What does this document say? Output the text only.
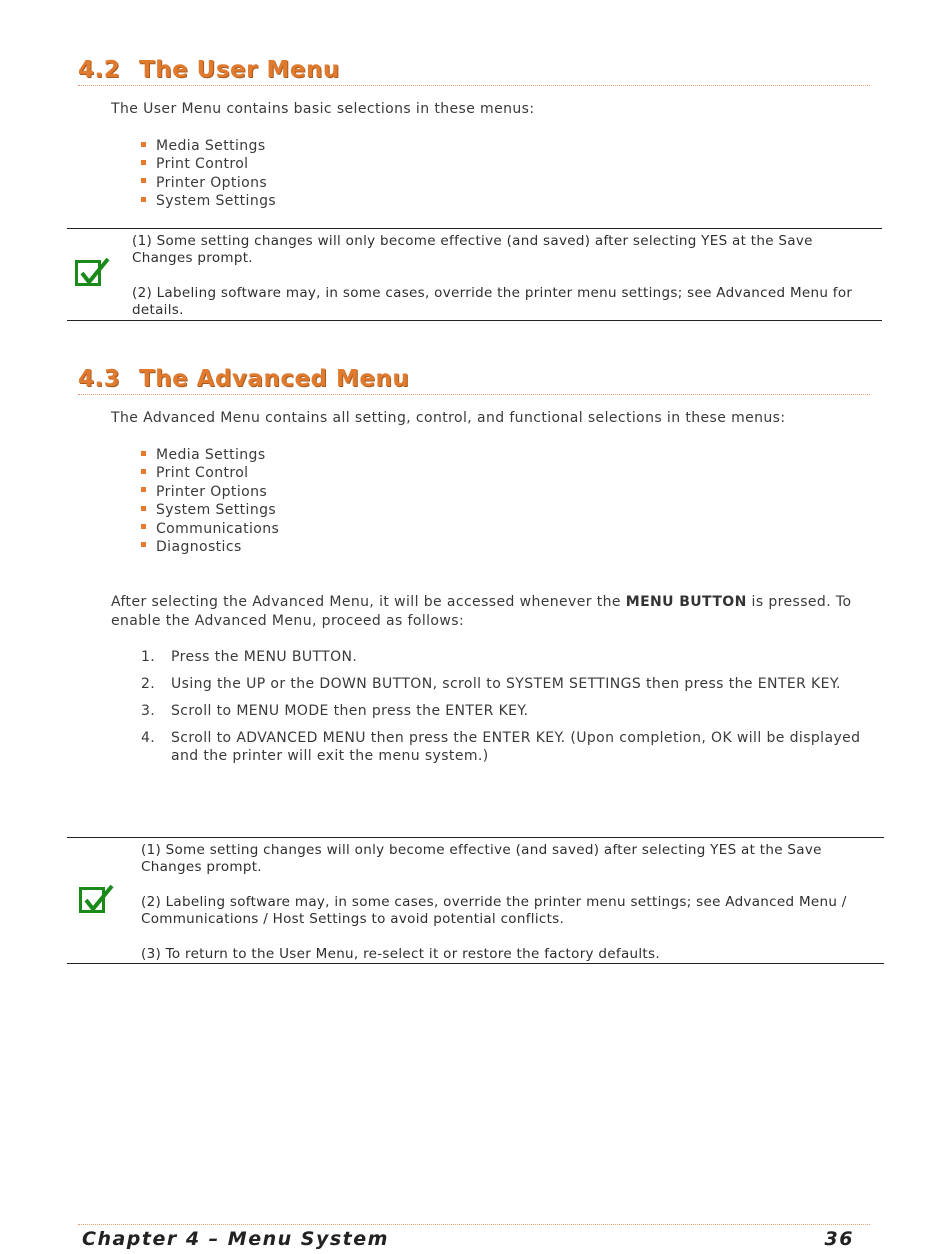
4.2 The User Menu
The User Menu contains basic selections in these menus:
Media Settings
Print Control
Printer Options
System Settings

(1) Some setting changes will only become effective (and saved) after selecting YES at the Save Changes prompt.

(2) Labeling software may, in some cases, override the printer menu settings; see Advanced Menu for details.

4.3 The Advanced Menu
The Advanced Menu contains all setting, control, and functional selections in these menus:
Media Settings
Print Control
Printer Options
System Settings
Communications
Diagnostics
After selecting the Advanced Menu, it will be accessed whenever the MENU BUTTON is pressed. To enable the Advanced Menu, proceed as follows:
1. Press the MENU BUTTON.
2. Using the UP or the DOWN BUTTON, scroll to SYSTEM SETTINGS then press the ENTER KEY.
3. Scroll to MENU MODE then press the ENTER KEY.
4. Scroll to ADVANCED MENU then press the ENTER KEY. (Upon completion, OK will be displayed and the printer will exit the menu system.)

(1) Some setting changes will only become effective (and saved) after selecting YES at the Save Changes prompt.

(2) Labeling software may, in some cases, override the printer menu settings; see Advanced Menu / Communications / Host Settings to avoid potential conflicts.

(3) To return to the User Menu, re-select it or restore the factory defaults.

Chapter 4 – Menu System	36
